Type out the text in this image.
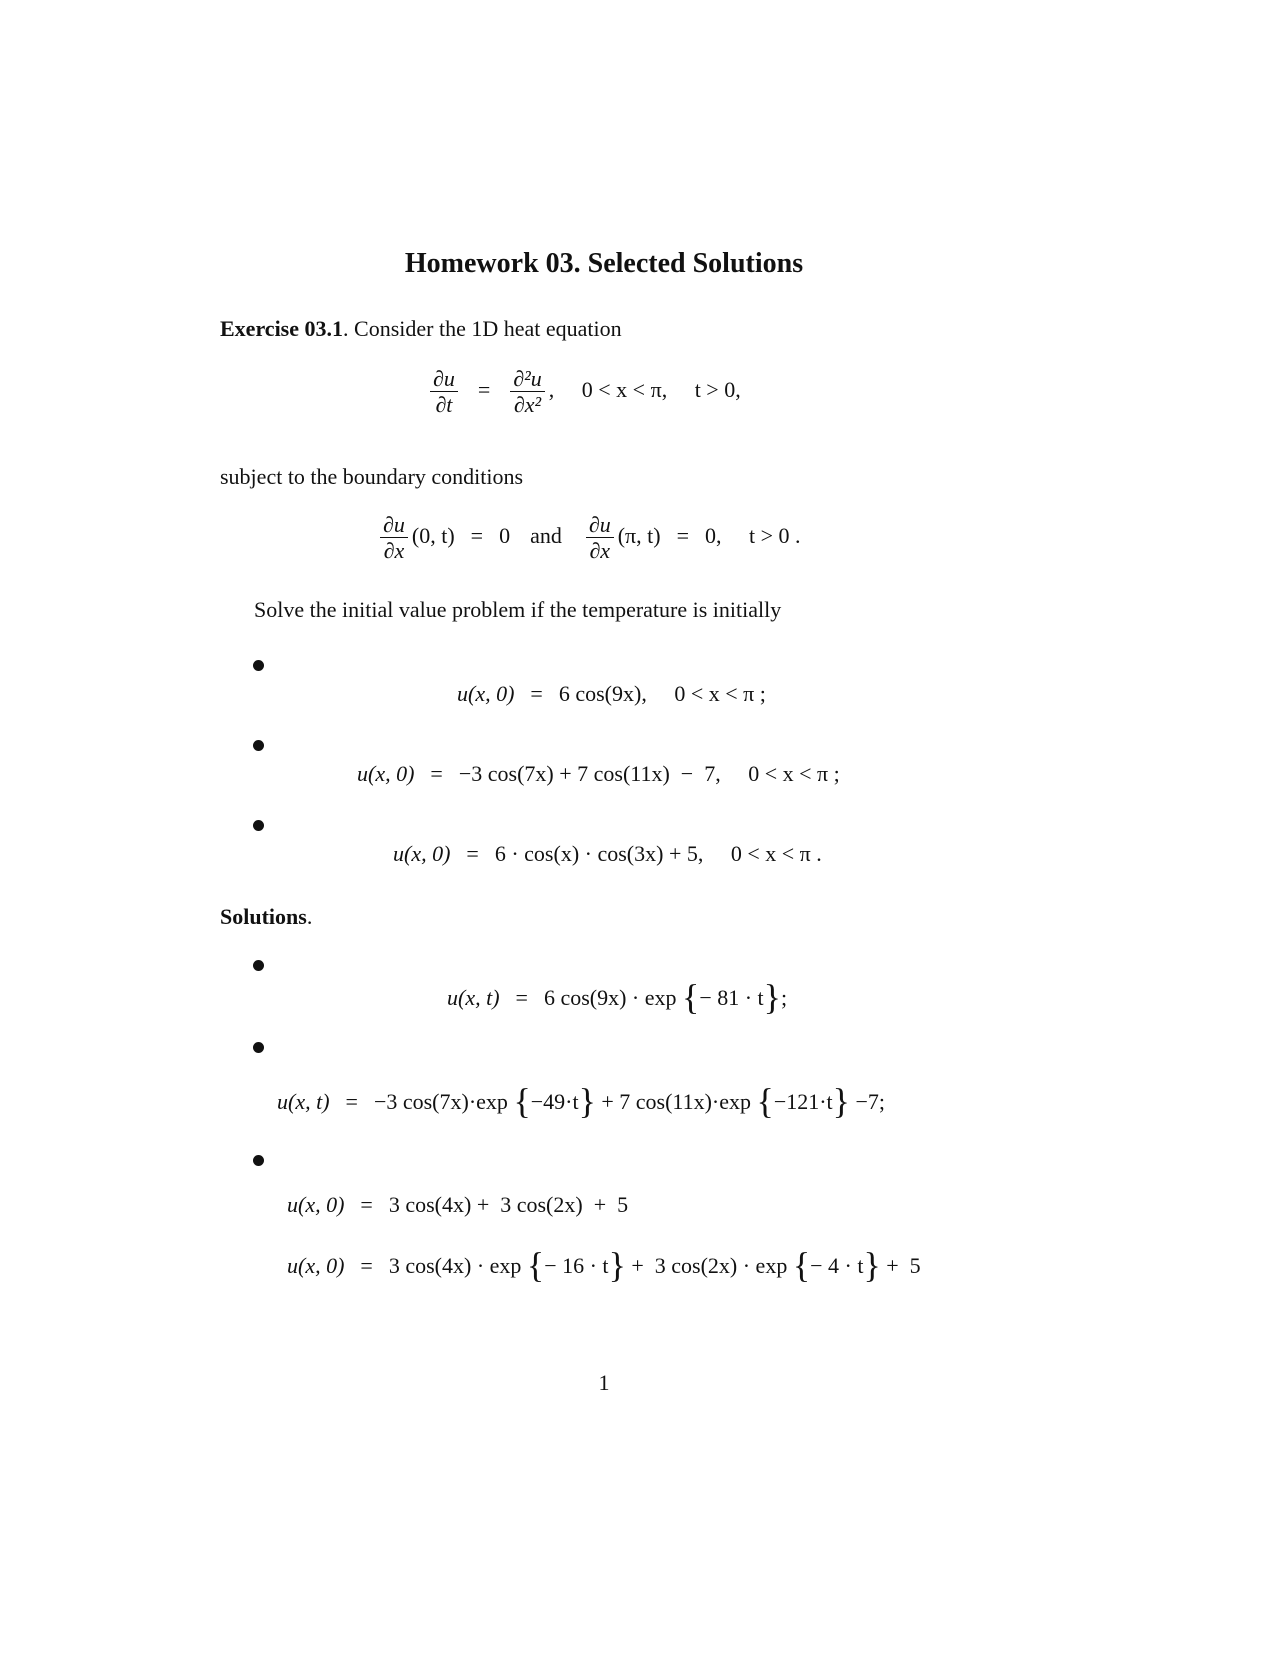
Homework 03. Selected Solutions
Exercise 03.1. Consider the 1D heat equation
$\frac{\partial u}{\partial t} = \frac{\text{∂²u}}{\text{∂x²}}$ ,     0 < x < π,     t > 0,
subject to the boundary conditions
$\frac{\partial u}{\partial x} (0$, t) = 0 and $\frac{\partial u}{\partial x} (\pi$, t) = 0,     t > 0 .
Solve the initial value problem if the temperature is initially
u(x, 0) = 6 cos(9x),     0 < x < π ;
u(x, 0) = −3 cos(7x) + 7 cos(11x)  −  7,     0 < x < π ;
u(x, 0) = 6 · cos(x) · cos(3x) + 5,     0 < x < π .
Solutions.
u(x, t) = 6 cos(9x) · exp {− 81 · t};
u(x, t) = −3 cos(7x)·exp {−49·t} + 7 cos(11x)·exp {−121·t} −7;
u(x, 0) = 3 cos(4x) +  3 cos(2x)  +  5
u(x, 0) = 3 cos(4x) · exp {− 16 · t} +  3 cos(2x) · exp {− 4 · t} +  5
1
